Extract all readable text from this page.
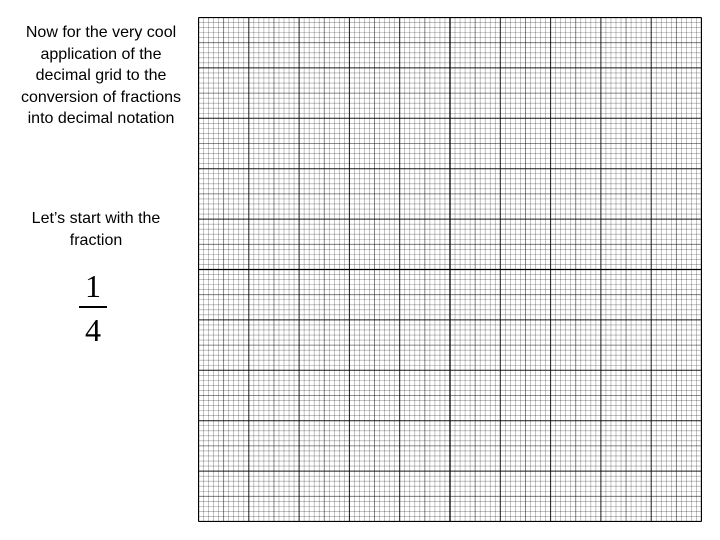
Now for the very cool application of the decimal grid to the conversion of fractions into decimal notation
Let’s start with the fraction
1
4
